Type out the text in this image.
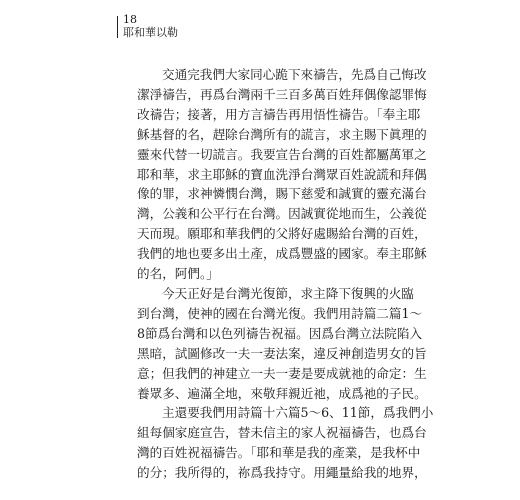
18
耶和華以勒

交通完我們大家同心跪下來禱告，先爲自己悔改
潔淨禱告，再爲台灣兩千三百多萬百姓拜偶像認罪悔
改禱告；接著，用方言禱告再用悟性禱告。「奉主耶
穌基督的名，趕除台灣所有的謊言，求主賜下眞理的
靈來代替一切謊言。我要宣告台灣的百姓都屬萬軍之
耶和華，求主耶穌的寶血洗淨台灣眾百姓說謊和拜偶
像的罪，求神憐憫台灣，賜下慈愛和誠實的靈充滿台
灣，公義和公平行在台灣。因誠實從地而生，公義從
天而現。願耶和華我們的父將好處賜給台灣的百姓，
我們的地也要多出土產，成爲豐盛的國家。奉主耶穌
的名，阿們。」

今天正好是台灣光復節，求主降下復興的火臨
到台灣，使神的國在台灣光復。我們用詩篇二篇1～
8節爲台灣和以色列禱告祝福。因爲台灣立法院陷入
黑暗，試圖修改一夫一妻法案，違反神創造男女的旨
意；但我們的神建立一夫一妻是要成就祂的命定：生
養眾多、遍滿全地，來敬拜親近祂，成爲祂的子民。

主還要我們用詩篇十六篇5～6、11節，爲我們小
組每個家庭宣告，替未信主的家人祝福禱告，也爲台
灣的百姓祝福禱告。「耶和華是我的產業，是我杯中
的分；我所得的，祢爲我持守。用繩量給我的地界，
